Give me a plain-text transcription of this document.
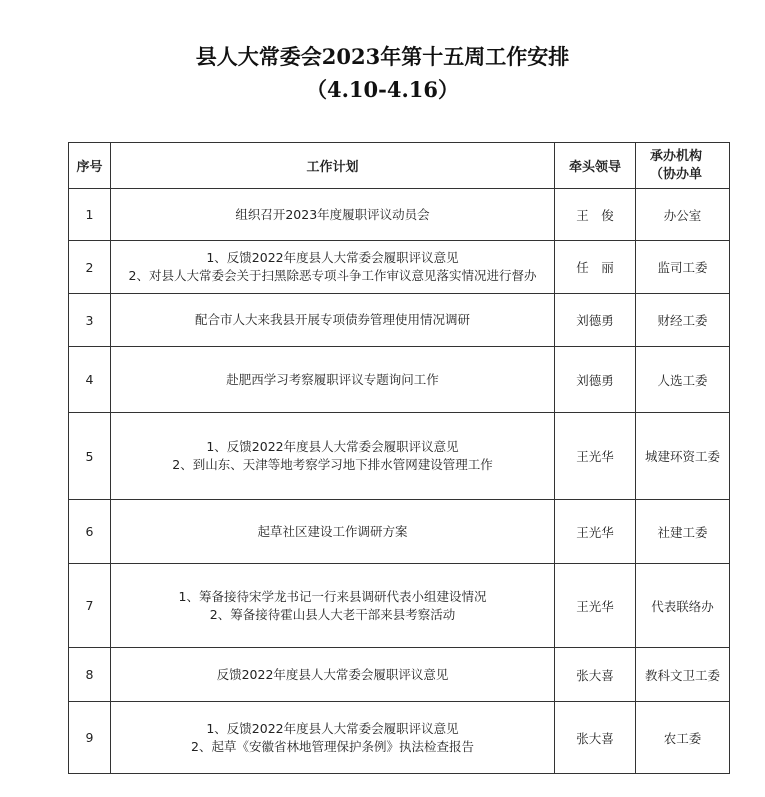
县人大常委会2023年第十五周工作安排
（4.10-4.16）
序号	工作计划	牵头领导	承办机构
（协办单

1	组织召开2023年度履职评议动员会	王　俊	办公室
2	1、反馈2022年度县人大常委会履职评议意见
2、对县人大常委会关于扫黑除恶专项斗争工作审议意见落实情况进行督办	任　丽	监司工委
3	配合市人大来我县开展专项债券管理使用情况调研	刘德勇	财经工委
4	赴肥西学习考察履职评议专题询问工作	刘德勇	人选工委
5	1、反馈2022年度县人大常委会履职评议意见
2、到山东、天津等地考察学习地下排水管网建设管理工作	王光华	城建环资工委
6	起草社区建设工作调研方案	王光华	社建工委
7	1、筹备接待宋学龙书记一行来县调研代表小组建设情况
2、筹备接待霍山县人大老干部来县考察活动	王光华	代表联络办
8	反馈2022年度县人大常委会履职评议意见	张大喜	教科文卫工委
9	1、反馈2022年度县人大常委会履职评议意见
2、起草《安徽省林地管理保护条例》执法检查报告	张大喜	农工委
